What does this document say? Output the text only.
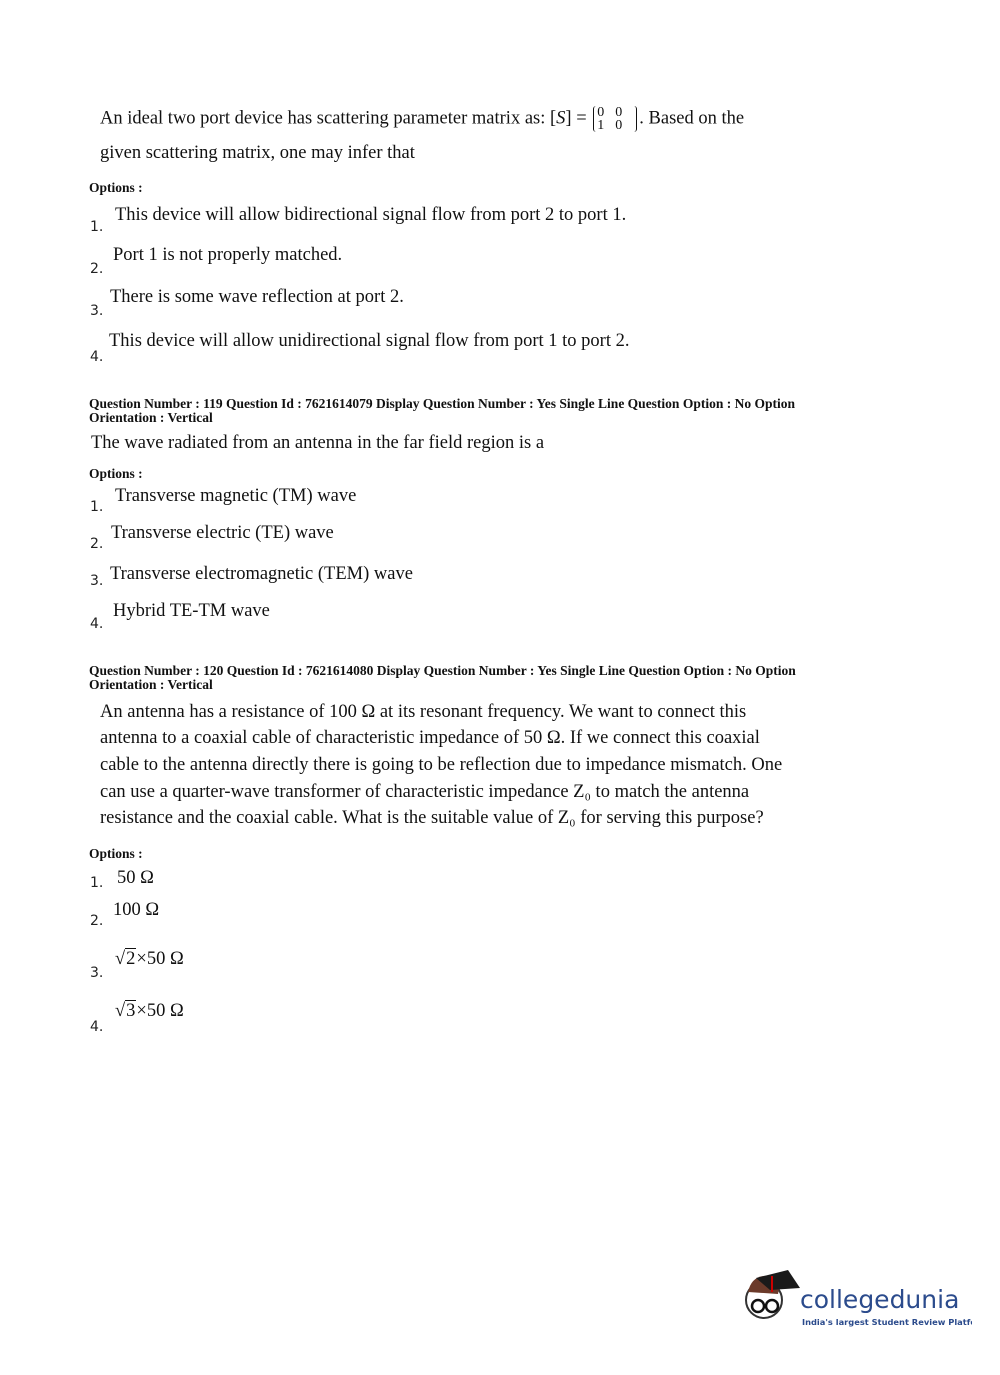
An ideal two port device has scattering parameter matrix as: [S] = 0 0
1 0 . Based on the
given scattering matrix, one may infer that
Options :
This device will allow bidirectional signal flow from port 2 to port 1.
1.
Port 1 is not properly matched.
2.
There is some wave reflection at port 2.
3.
This device will allow unidirectional signal flow from port 1 to port 2.
4.
Question Number : 119 Question Id : 7621614079 Display Question Number : Yes Single Line Question Option : No Option
Orientation : Vertical
The wave radiated from an antenna in the far field region is a
Options :
Transverse magnetic (TM) wave
1.
Transverse electric (TE) wave
2.
Transverse electromagnetic (TEM) wave
3.
Hybrid TE-TM wave
4.
Question Number : 120 Question Id : 7621614080 Display Question Number : Yes Single Line Question Option : No Option
Orientation : Vertical
An antenna has a resistance of 100 Ω at its resonant frequency. We want to connect this
antenna to a coaxial cable of characteristic impedance of 50 Ω. If we connect this coaxial
cable to the antenna directly there is going to be reflection due to impedance mismatch. One
can use a quarter-wave transformer of characteristic impedance Z₀ to match the antenna
resistance and the coaxial cable. What is the suitable value of Z₀ for serving this purpose?
Options :
50 Ω
1.
100 Ω
2.
√2×50 Ω
3.
√3×50 Ω
4.
collegedunia
India's largest Student Review Platform
